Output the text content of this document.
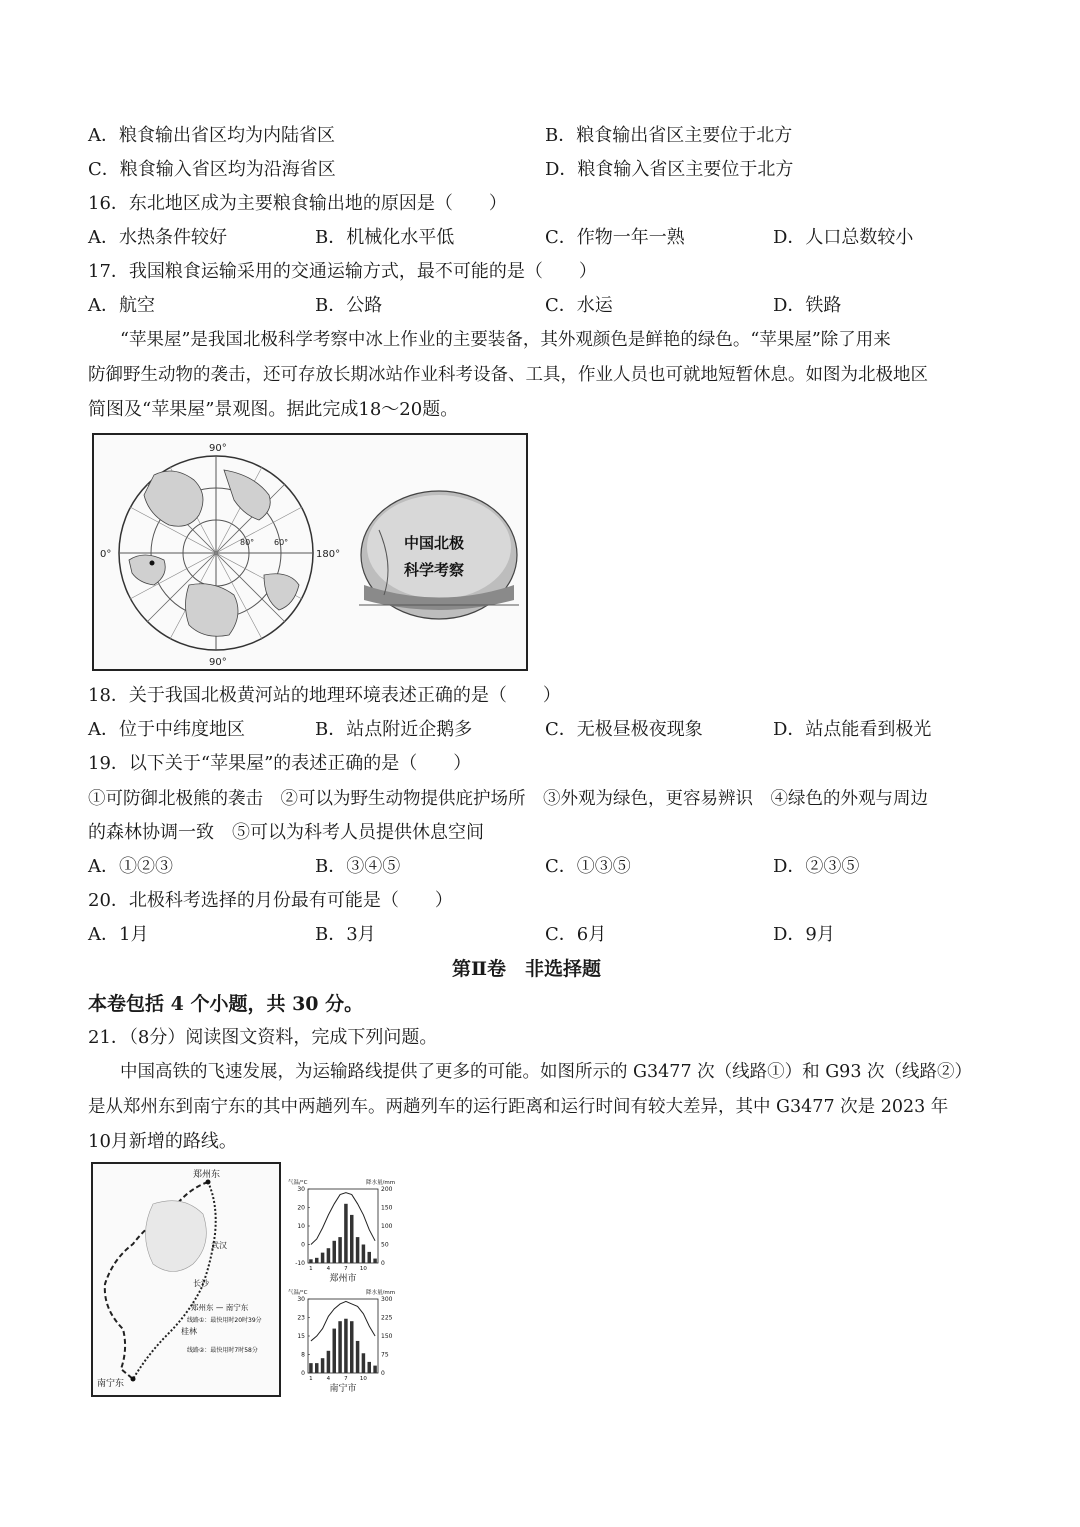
A．粮食输出省区均为内陆省区	B．粮食输出省区主要位于北方
C．粮食输入省区均为沿海省区	D．粮食输入省区主要位于北方
16．东北地区成为主要粮食输出地的原因是（　　）
A．水热条件较好	B．机械化水平低	C．作物一年一熟	D．人口总数较小
17．我国粮食运输采用的交通运输方式，最不可能的是（　　）
A．航空	B．公路	C．水运	D．铁路
“苹果屋”是我国北极科学考察中冰上作业的主要装备，其外观颜色是鲜艳的绿色。“苹果屋”除了用来
防御野生动物的袭击，还可存放长期冰站作业科考设备、工具，作业人员也可就地短暂休息。如图为北极地区
简图及“苹果屋”景观图。据此完成18～20题。
90°
90°
0°	180°
80° 60°	中国北极
科学考察
18．关于我国北极黄河站的地理环境表述正确的是（　　）
A．位于中纬度地区	B．站点附近企鹅多	C．无极昼极夜现象	D．站点能看到极光
19．以下关于“苹果屋”的表述正确的是（　　）
①可防御北极熊的袭击　②可以为野生动物提供庇护场所　③外观为绿色，更容易辨识　④绿色的外观与周边
的森林协调一致　⑤可以为科考人员提供休息空间
A．①②③	B．③④⑤	C．①③⑤	D．②③⑤
20．北极科考选择的月份最有可能是（　　）
A．1月	B．3月	C．6月	D．9月
第Ⅱ卷　非选择题
本卷包括 4 个小题，共 30 分。
21．（8分）阅读图文资料，完成下列问题。
中国高铁的飞速发展，为运输路线提供了更多的可能。如图所示的 G3477 次（线路①）和 G93 次（线路②）
是从郑州东到南宁东的其中两趟列车。两趟列车的运行距离和运行时间有较大差异，其中 G3477 次是 2023 年
10月新增的路线。
郑州东
南宁东
武汉
长沙
桂林
郑州东 — 南宁东
线路①：最快用时20时39分
线路②：最快用时7时58分
气温/°C	降水量/mm
-10	0
0	50
10	100
20	150
30	200
1	4	7 10
郑州市
气温/°C	降水量/mm
0	0
8	75
15	150
23	225
30	300
1	4	7 10
南宁市
